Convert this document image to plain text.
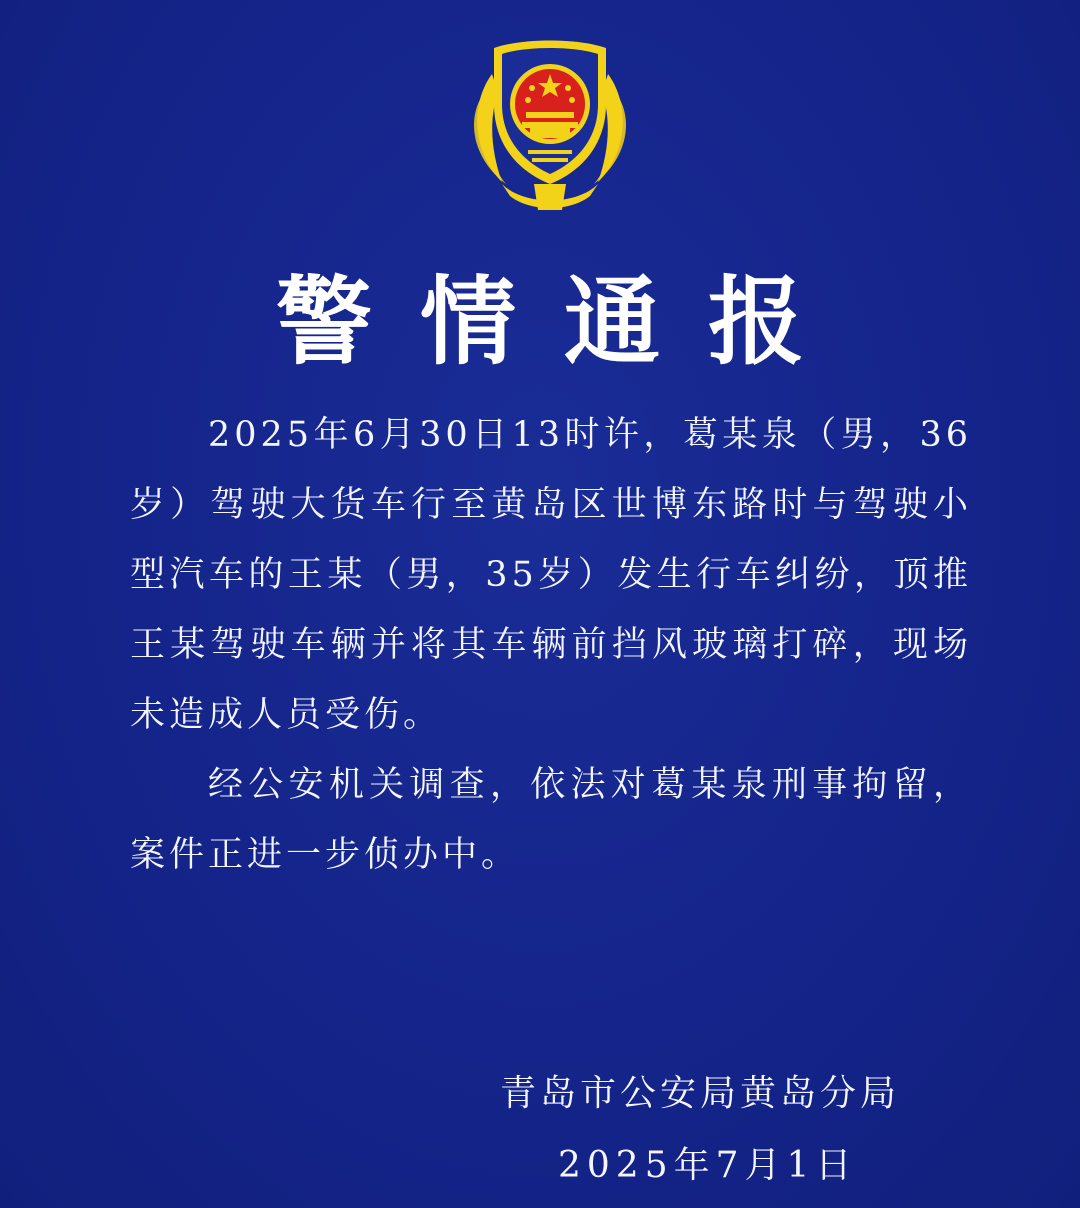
警情通报

2025年6月30日13时许，葛某泉（男，36岁）驾驶大货车行至黄岛区世博东路时与驾驶小型汽车的王某（男，35岁）发生行车纠纷，顶推王某驾驶车辆并将其车辆前挡风玻璃打碎，现场未造成人员受伤。

经公安机关调查，依法对葛某泉刑事拘留，案件正进一步侦办中。

青岛市公安局黄岛分局
2025年7月1日
